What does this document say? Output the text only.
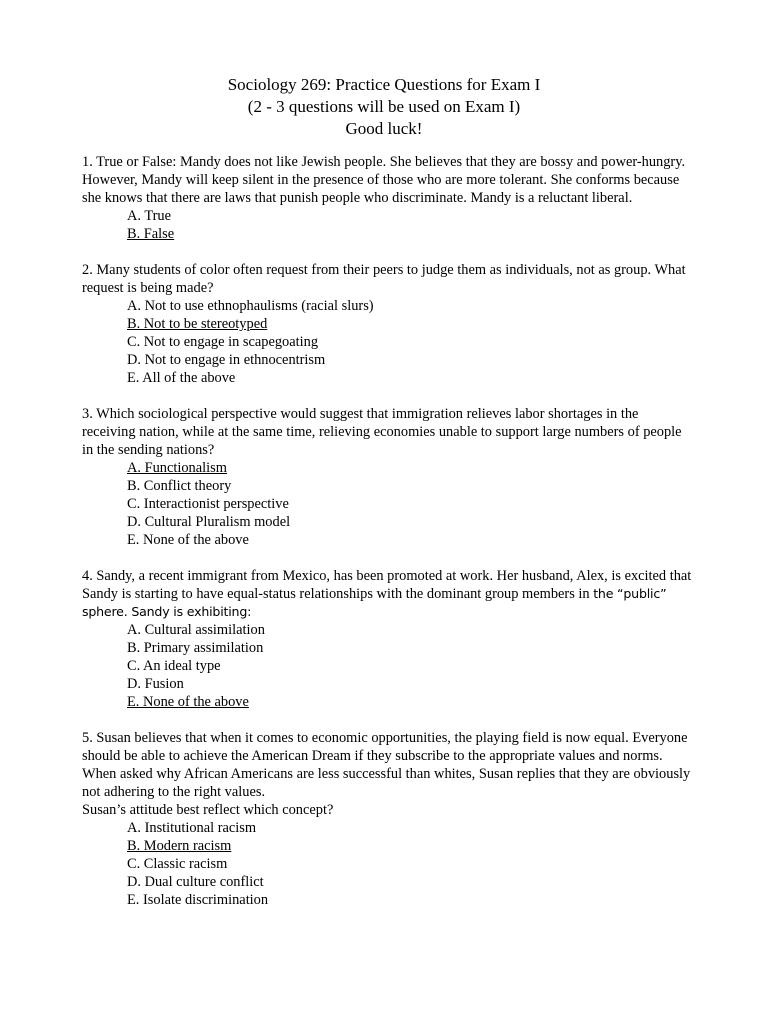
Sociology 269: Practice Questions for Exam I
(2 - 3 questions will be used on Exam I)
Good luck!

1. True or False: Mandy does not like Jewish people. She believes that they are bossy and power-hungry. However, Mandy will keep silent in the presence of those who are more tolerant. She conforms because she knows that there are laws that punish people who discriminate. Mandy is a reluctant liberal.

A. True
B. False

2. Many students of color often request from their peers to judge them as individuals, not as group. What request is being made?

A. Not to use ethnophaulisms (racial slurs)
B. Not to be stereotyped
C. Not to engage in scapegoating
D. Not to engage in ethnocentrism
E. All of the above

3. Which sociological perspective would suggest that immigration relieves labor shortages in the receiving nation, while at the same time, relieving economies unable to support large numbers of people in the sending nations?

A. Functionalism
B. Conflict theory
C. Interactionist perspective
D. Cultural Pluralism model
E. None of the above

4. Sandy, a recent immigrant from Mexico, has been promoted at work. Her husband, Alex, is excited that Sandy is starting to have equal-status relationships with the dominant group members in the “public” sphere. Sandy is exhibiting:

A. Cultural assimilation
B. Primary assimilation
C. An ideal type
D. Fusion
E. None of the above

5. Susan believes that when it comes to economic opportunities, the playing field is now equal. Everyone should be able to achieve the American Dream if they subscribe to the appropriate values and norms. When asked why African Americans are less successful than whites, Susan replies that they are obviously not adhering to the right values.

Susan’s attitude best reflect which concept?

A. Institutional racism
B. Modern racism
C. Classic racism
D. Dual culture conflict
E. Isolate discrimination
